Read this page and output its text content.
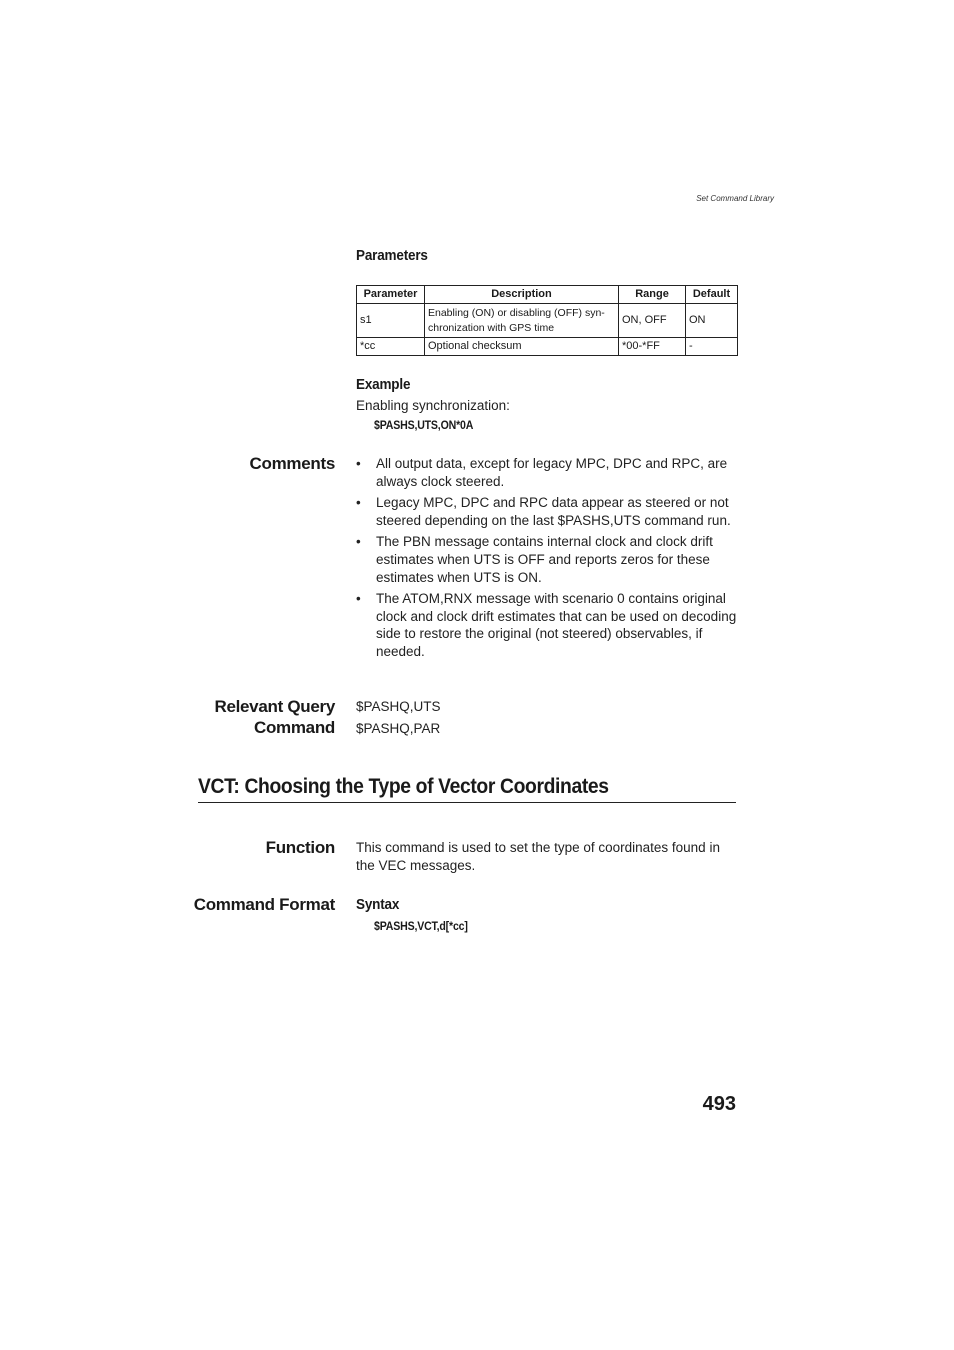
Set Command Library
Parameters
Parameter	Description	Range	Default
s1	Enabling (ON) or disabling (OFF) syn-chronization with GPS time	ON, OFF	ON
*cc	Optional checksum	*00-*FF	-
Example
Enabling synchronization:
$PASHS,UTS,ON*0A
Comments • All output data, except for legacy MPC, DPC and RPC, are always clock steered.
• Legacy MPC, DPC and RPC data appear as steered or not steered depending on the last $PASHS,UTS command run.
• The PBN message contains internal clock and clock drift estimates when UTS is OFF and reports zeros for these estimates when UTS is ON.
• The ATOM,RNX message with scenario 0 contains original clock and clock drift estimates that can be used on decoding side to restore the original (not steered) observables, if needed.
Relevant Query
Command
$PASHQ,UTS
$PASHQ,PAR
VCT: Choosing the Type of Vector Coordinates
Function This command is used to set the type of coordinates found in the VEC messages.
Command Format Syntax
$PASHS,VCT,d[*cc]
493
